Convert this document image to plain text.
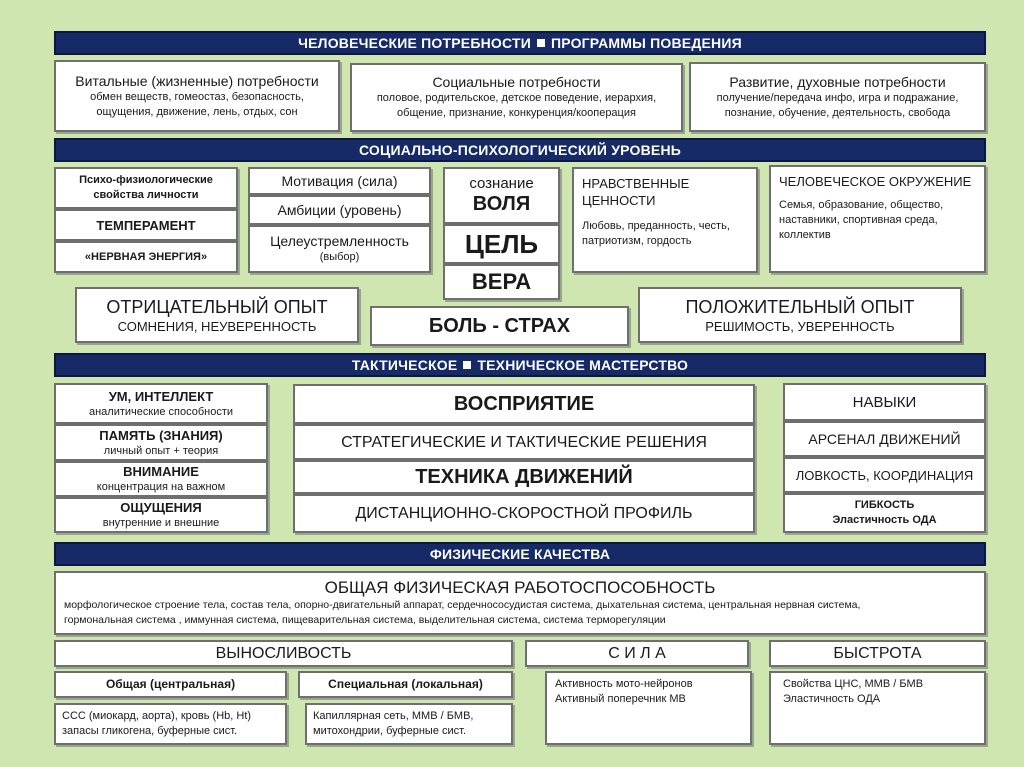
ЧЕЛОВЕЧЕСКИЕ ПОТРЕБНОСТИ ПРОГРАММЫ ПОВЕДЕНИЯ
Витальные (жизненные) потребности
обмен веществ, гомеостаз, безопасность,
ощущения, движение, лень, отдых, сон
Социальные потребности
половое, родительское, детское поведение, иерархия,
общение, признание, конкуренция/кооперация
Развитие, духовные потребности
получение/передача инфо, игра и подражание,
познание, обучение, деятельность, свобода
СОЦИАЛЬНО-ПСИХОЛОГИЧЕСКИЙ УРОВЕНЬ
Психо-физиологические
свойства личности
ТЕМПЕРАМЕНТ
«НЕРВНАЯ ЭНЕРГИЯ»
Мотивация (сила)
Амбиции (уровень)
Целеустремленность
(выбор)
сознание
ВОЛЯ
ЦЕЛЬ
ВЕРА
НРАВСТВЕННЫЕ
ЦЕННОСТИ
Любовь, преданность, честь,
патриотизм, гордость
ЧЕЛОВЕЧЕСКОЕ ОКРУЖЕНИЕ
Семья, образование, общество,
наставники, спортивная среда,
коллектив
ОТРИЦАТЕЛЬНЫЙ ОПЫТ
СОМНЕНИЯ, НЕУВЕРЕННОСТЬ	БОЛЬ - СТРАХ
ПОЛОЖИТЕЛЬНЫЙ ОПЫТ
РЕШИМОСТЬ, УВЕРЕННОСТЬ
ТАКТИЧЕСКОЕ ТЕХНИЧЕСКОЕ МАСТЕРСТВО
УМ, ИНТЕЛЛЕКТ
аналитические способности
ПАМЯТЬ (ЗНАНИЯ)
личный опыт + теория
ВНИМАНИЕ
концентрация на важном
ОЩУЩЕНИЯ
внутренние и внешние
ВОСПРИЯТИЕ
СТРАТЕГИЧЕСКИЕ И ТАКТИЧЕСКИЕ РЕШЕНИЯ
ТЕХНИКА ДВИЖЕНИЙ
ДИСТАНЦИОННО-СКОРОСТНОЙ ПРОФИЛЬ
НАВЫКИ
АРСЕНАЛ ДВИЖЕНИЙ
ЛОВКОСТЬ, КООРДИНАЦИЯ
ГИБКОСТЬ
Эластичность ОДА
ФИЗИЧЕСКИЕ КАЧЕСТВА
ОБЩАЯ ФИЗИЧЕСКАЯ РАБОТОСПОСОБНОСТЬ
морфологическое строение тела, состав тела, опорно-двигательный аппарат, сердечнососудистая система, дыхательная система, центральная нервная система,
гормональная система , иммунная система, пищеварительная система, выделительная система, система терморегуляции
ВЫНОСЛИВОСТЬ
Общая (центральная)	Специальная (локальная)
ССС (миокард, аорта), кровь (Hb, Ht)
запасы гликогена, буферные сист.
Капиллярная сеть, ММВ / БМВ,
митохондрии, буферные сист.
С И Л А
Активность мото-нейронов
Активный поперечник МВ
БЫСТРОТА
Свойства ЦНС, ММВ / БМВ
Эластичность ОДА
